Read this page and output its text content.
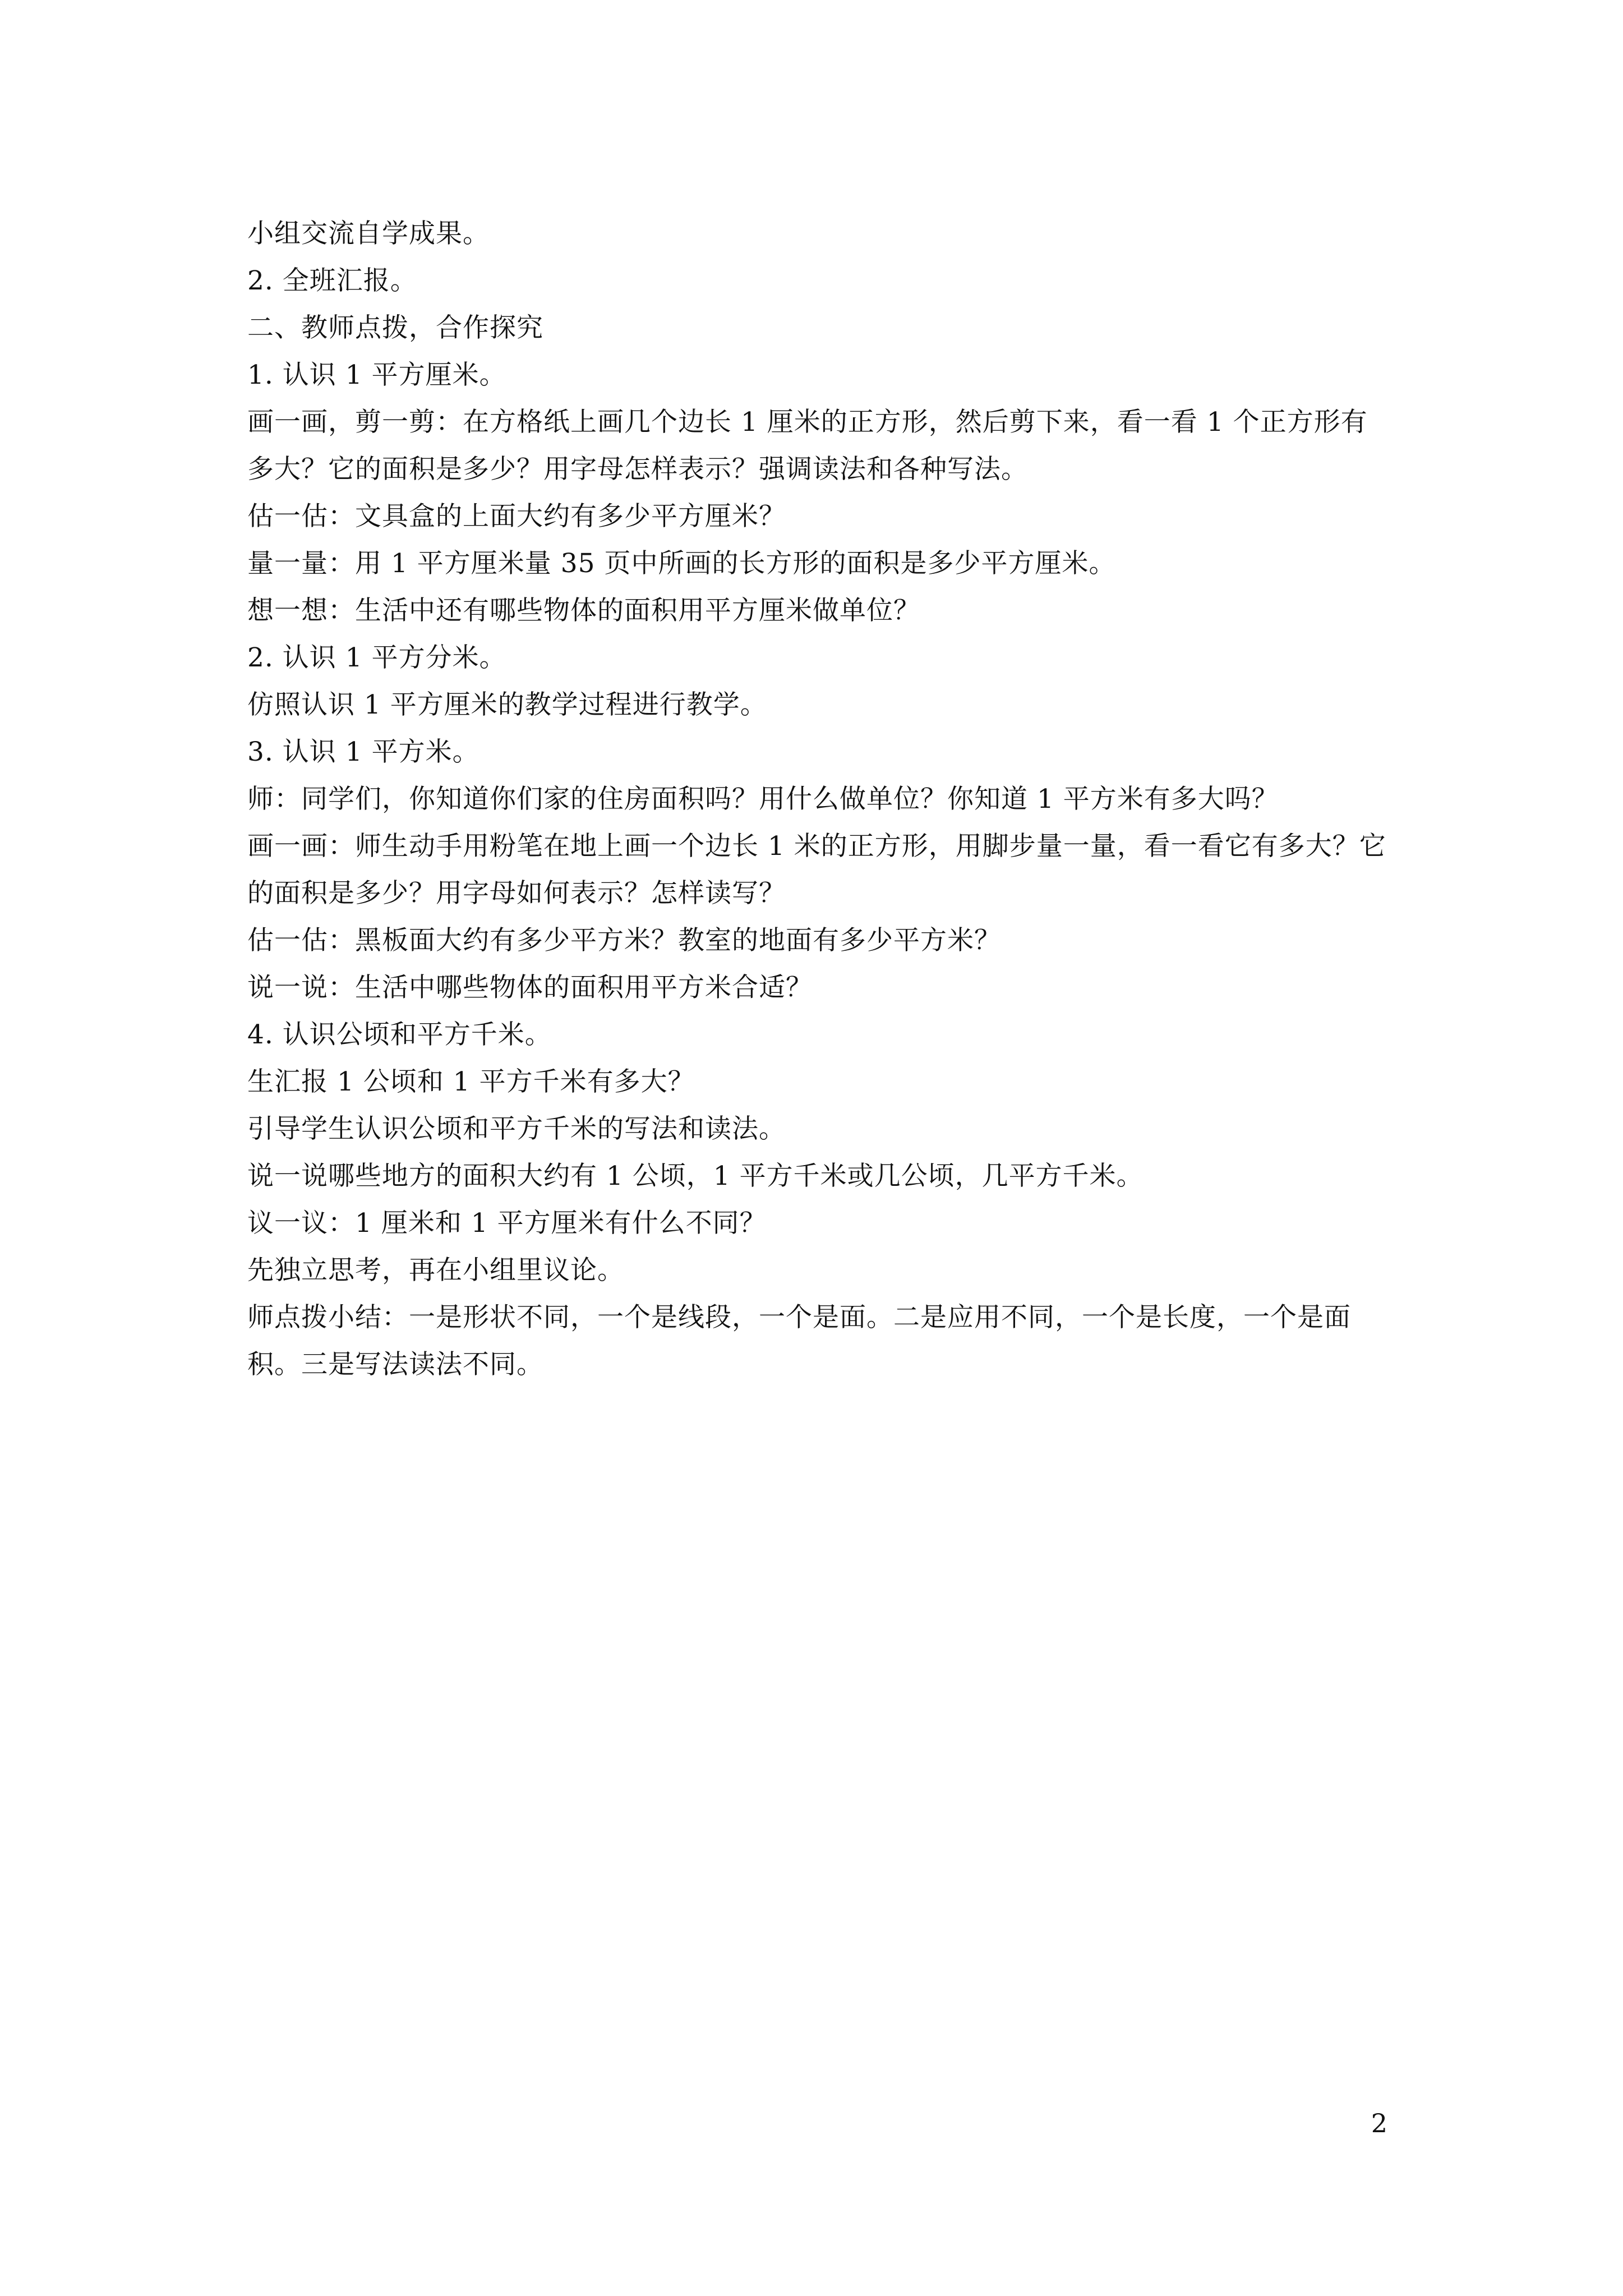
小组交流自学成果。

2. 全班汇报。

二、教师点拨，合作探究

1. 认识 1 平方厘米。

画一画，剪一剪：在方格纸上画几个边长 1 厘米的正方形，然后剪下来，看一看 1 个正方形有多大？它的面积是多少？用字母怎样表示？强调读法和各种写法。

估一估：文具盒的上面大约有多少平方厘米？

量一量：用 1 平方厘米量 35 页中所画的长方形的面积是多少平方厘米。

想一想：生活中还有哪些物体的面积用平方厘米做单位？

2. 认识 1 平方分米。

仿照认识 1 平方厘米的教学过程进行教学。

3. 认识 1 平方米。

师：同学们，你知道你们家的住房面积吗？用什么做单位？你知道 1 平方米有多大吗？

画一画：师生动手用粉笔在地上画一个边长 1 米的正方形，用脚步量一量，看一看它有多大？它的面积是多少？用字母如何表示？怎样读写？

估一估：黑板面大约有多少平方米？教室的地面有多少平方米？

说一说：生活中哪些物体的面积用平方米合适？

4. 认识公顷和平方千米。

生汇报 1 公顷和 1 平方千米有多大？

引导学生认识公顷和平方千米的写法和读法。

说一说哪些地方的面积大约有 1 公顷，1 平方千米或几公顷，几平方千米。

议一议：1 厘米和 1 平方厘米有什么不同？

先独立思考，再在小组里议论。

师点拨小结：一是形状不同，一个是线段，一个是面。二是应用不同，一个是长度，一个是面积。三是写法读法不同。

2
